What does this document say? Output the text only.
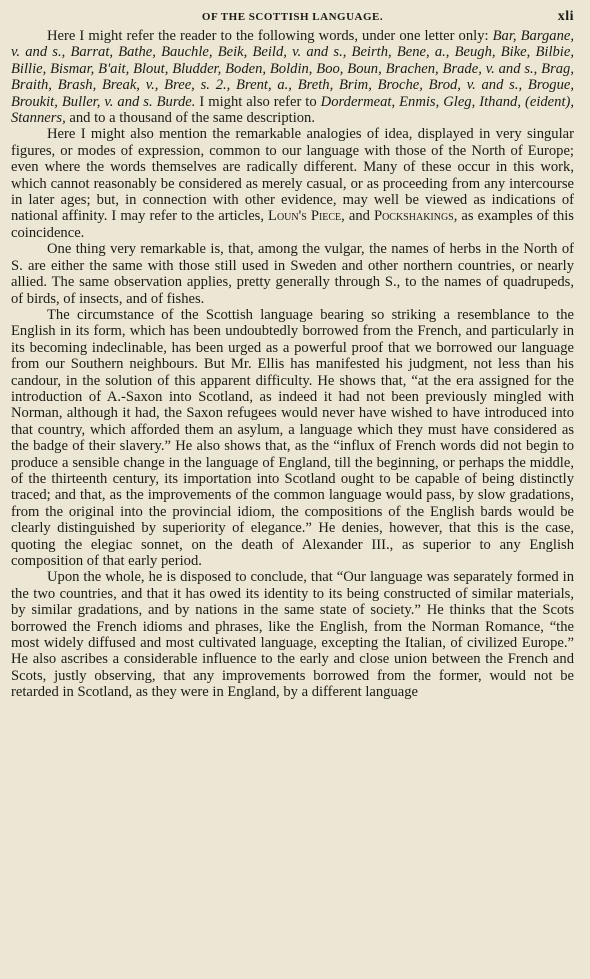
OF THE SCOTTISH LANGUAGE.	xli

Here I might refer the reader to the following words, under one letter only: Bar, Bargane, v. and s., Barrat, Bathe, Bauchle, Beik, Beild, v. and s., Beirth, Bene, a., Beugh, Bike, Bilbie, Billie, Bismar, B'ait, Blout, Bludder, Boden, Boldin, Boo, Boun, Brachen, Brade, v. and s., Brag, Braith, Brash, Break, v., Bree, s. 2., Brent, a., Breth, Brim, Broche, Brod, v. and s., Brogue, Broukit, Buller, v. and s. Burde. I might also refer to Dordermeat, Enmis, Gleg, Ithand, (eident), Stanners, and to a thousand of the same description.

Here I might also mention the remarkable analogies of idea, displayed in very singular figures, or modes of expression, common to our language with those of the North of Europe; even where the words themselves are radically different. Many of these occur in this work, which cannot reasonably be considered as merely casual, or as proceeding from any intercourse in later ages; but, in connection with other evidence, may well be viewed as indications of national affinity. I may refer to the articles, Loun's Piece, and Pockshakings, as examples of this coincidence.

One thing very remarkable is, that, among the vulgar, the names of herbs in the North of S. are either the same with those still used in Sweden and other northern countries, or nearly allied. The same observation applies, pretty generally through S., to the names of quadrupeds, of birds, of insects, and of fishes.

The circumstance of the Scottish language bearing so striking a resemblance to the English in its form, which has been undoubtedly borrowed from the French, and particularly in its becoming indeclinable, has been urged as a powerful proof that we borrowed our language from our Southern neighbours. But Mr. Ellis has manifested his judgment, not less than his candour, in the solution of this apparent difficulty. He shows that, “at the era assigned for the introduction of A.-Saxon into Scotland, as indeed it had not been previously mingled with Norman, although it had, the Saxon refugees would never have wished to have introduced into that country, which afforded them an asylum, a language which they must have considered as the badge of their slavery.” He also shows that, as the “influx of French words did not begin to produce a sensible change in the language of England, till the beginning, or perhaps the middle, of the thirteenth century, its importation into Scotland ought to be capable of being distinctly traced; and that, as the improvements of the common language would pass, by slow gradations, from the original into the provincial idiom, the compositions of the English bards would be clearly distinguished by superiority of elegance.” He denies, however, that this is the case, quoting the elegiac sonnet, on the death of Alexander III., as superior to any English composition of that early period.

Upon the whole, he is disposed to conclude, that “Our language was separately formed in the two countries, and that it has owed its identity to its being constructed of similar materials, by similar gradations, and by nations in the same state of society.” He thinks that the Scots borrowed the French idioms and phrases, like the English, from the Norman Romance, “the most widely diffused and most cultivated language, excepting the Italian, of civilized Europe.” He also ascribes a considerable influence to the early and close union between the French and Scots, justly observing, that any improvements borrowed from the former, would not be retarded in Scotland, as they were in England, by a different language
